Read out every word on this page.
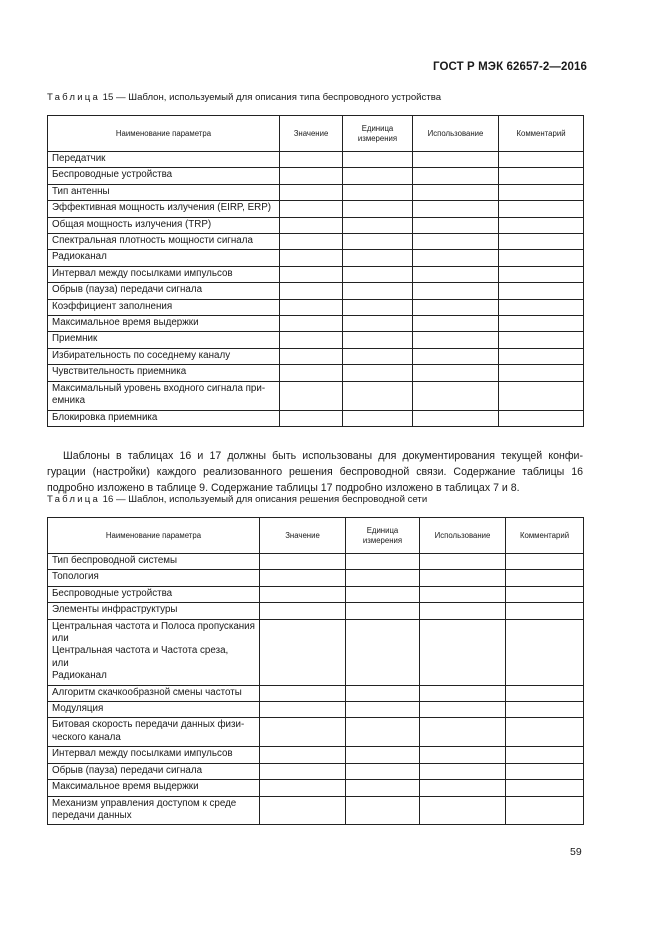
ГОСТ Р МЭК 62657-2—2016
Таблица 15 — Шаблон, используемый для описания типа беспроводного устройства
Наименование параметра	Значение	Единица измерения	Использование	Комментарий
Передатчик				
Беспроводные устройства				
Тип антенны				
Эффективная мощность излучения (EIRP, ERP)				
Общая мощность излучения (TRP)				
Спектральная плотность мощности сигнала				
Радиоканал				
Интервал между посылками импульсов				
Обрыв (пауза) передачи сигнала				
Коэффициент заполнения				
Максимальное время выдержки				
Приемник				
Избирательность по соседнему каналу				
Чувствительность приемника				
Максимальный уровень входного сигнала приемника				
Блокировка приемника				
Шаблоны в таблицах 16 и 17 должны быть использованы для документирования текущей конфи-
гурации (настройки) каждого реализованного решения беспроводной связи. Содержание таблицы 16
подробно изложено в таблице 9. Содержание таблицы 17 подробно изложено в таблицах 7 и 8.
Таблица 16 — Шаблон, используемый для описания решения беспроводной сети
Наименование параметра	Значение	Единица измерения	Использование	Комментарий
Тип беспроводной системы				
Топология				
Беспроводные устройства				
Элементы инфраструктуры				
Центральная частота и Полоса пропускания
или
Центральная частота и Частота среза,
или
Радиоканал				
Алгоритм скачкообразной смены частоты				
Модуляция				
Битовая скорость передачи данных физического канала				
Интервал между посылками импульсов				
Обрыв (пауза) передачи сигнала				
Максимальное время выдержки				
Механизм управления доступом к среде передачи данных				
59
